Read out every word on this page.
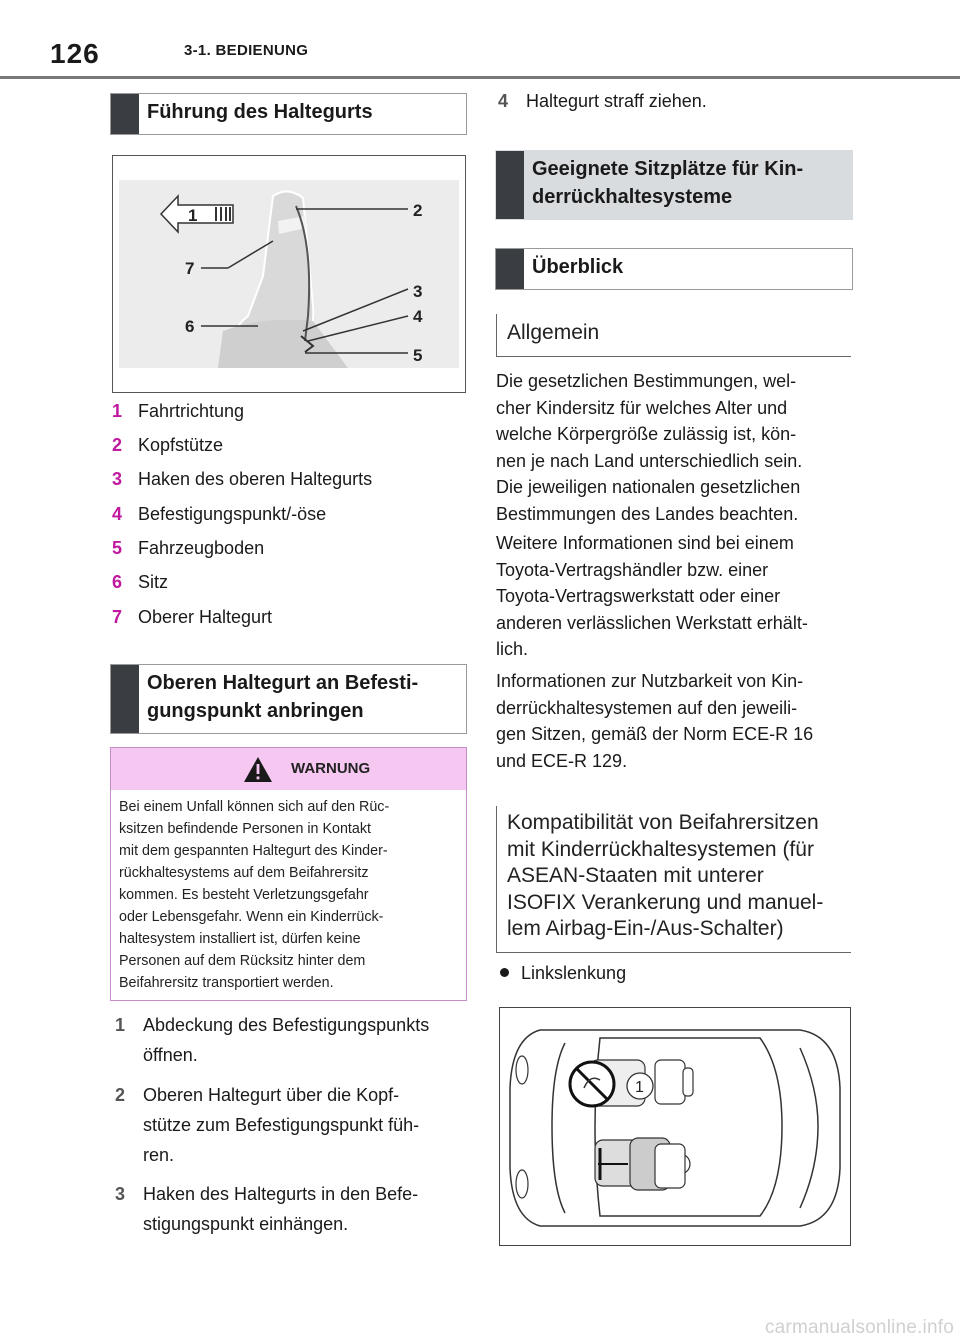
126	3-1. BEDIENUNG
Führung des Haltegurts
1	2
3
4
5
6
7
1 Fahrtrichtung
2 Kopfstütze
3 Haken des oberen Haltegurts
4 Befestigungspunkt/-öse
5 Fahrzeugboden
6 Sitz
7 Oberer Haltegurt
Oberen Haltegurt an Befesti-
gungspunkt anbringen
WARNUNG
Bei einem Unfall können sich auf den Rüc-
ksitzen befindende Personen in Kontakt
mit dem gespannten Haltegurt des Kinder-
rückhaltesystems auf dem Beifahrersitz
kommen. Es besteht Verletzungsgefahr
oder Lebensgefahr. Wenn ein Kinderrück-
haltesystem installiert ist, dürfen keine
Personen auf dem Rücksitz hinter dem
Beifahrersitz transportiert werden.
1 Abdeckung des Befestigungspunkts
öffnen.
2 Oberen Haltegurt über die Kopf-
stütze zum Befestigungspunkt füh-
ren.
3 Haken des Haltegurts in den Befe-
stigungspunkt einhängen.
4 Haltegurt straff ziehen.
Geeignete Sitzplätze für Kin-
derrückhaltesysteme
Überblick
Allgemein
Die gesetzlichen Bestimmungen, wel-
cher Kindersitz für welches Alter und
welche Körpergröße zulässig ist, kön-
nen je nach Land unterschiedlich sein.
Die jeweiligen nationalen gesetzlichen
Bestimmungen des Landes beachten.
Weitere Informationen sind bei einem
Toyota-Vertragshändler bzw. einer
Toyota-Vertragswerkstatt oder einer
anderen verlässlichen Werkstatt erhält-
lich.
Informationen zur Nutzbarkeit von Kin-
derrückhaltesystemen auf den jeweili-
gen Sitzen, gemäß der Norm ECE-R 16
und ECE-R 129.
Kompatibilität von Beifahrersitzen
mit Kinderrückhaltesystemen (für
ASEAN-Staaten mit unterer
ISOFIX Verankerung und manuel-
lem Airbag-Ein-/Aus-Schalter)
Linkslenkung
1
carmanualsonline.info
